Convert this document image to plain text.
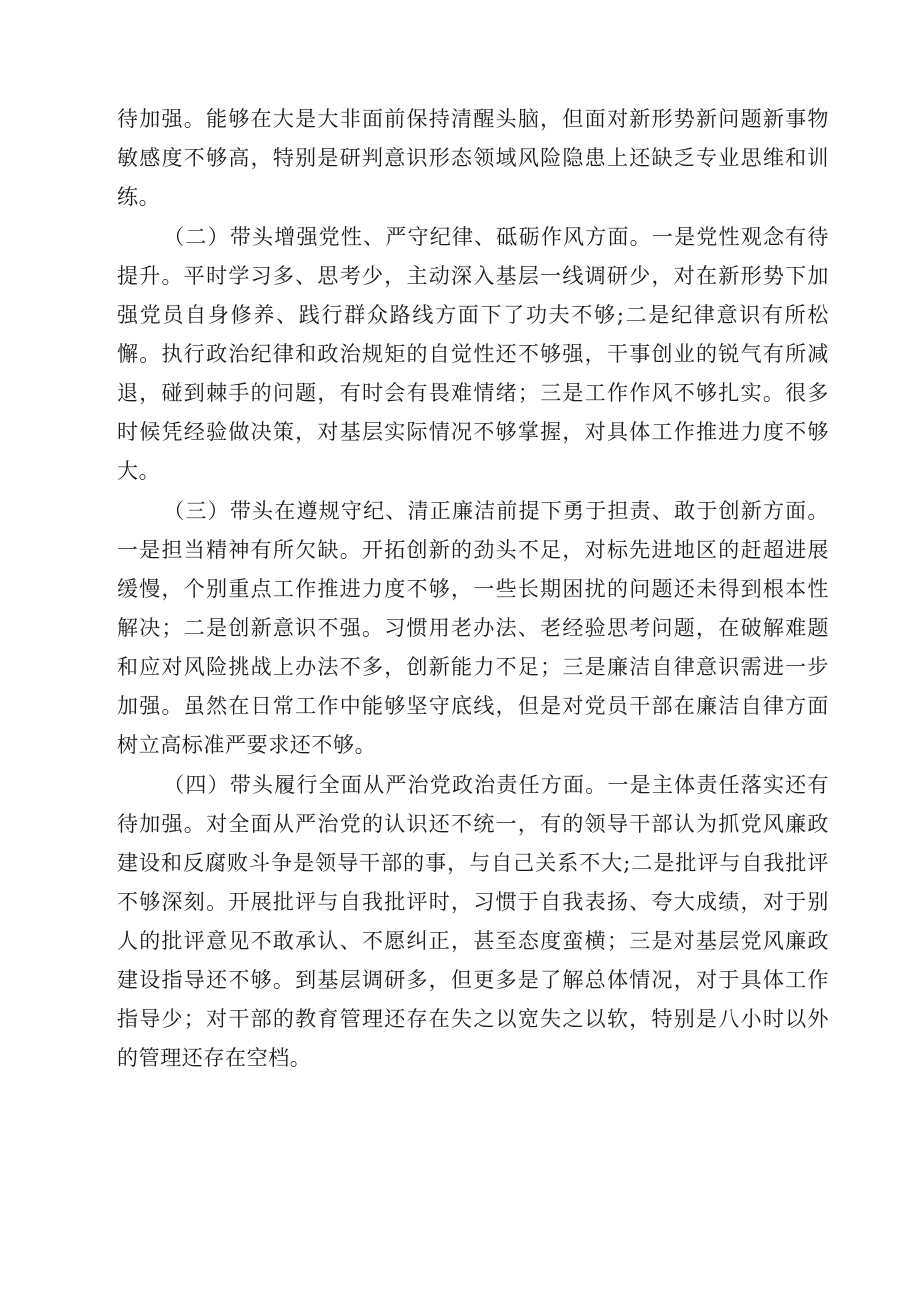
待加强。能够在大是大非面前保持清醒头脑，但面对新形势新问题新事物敏感度不够高，特别是研判意识形态领域风险隐患上还缺乏专业思维和训练。

（二）带头增强党性、严守纪律、砥砺作风方面。一是党性观念有待提升。平时学习多、思考少，主动深入基层一线调研少，对在新形势下加强党员自身修养、践行群众路线方面下了功夫不够;二是纪律意识有所松懈。执行政治纪律和政治规矩的自觉性还不够强，干事创业的锐气有所减退，碰到棘手的问题，有时会有畏难情绪；三是工作作风不够扎实。很多时候凭经验做决策，对基层实际情况不够掌握，对具体工作推进力度不够大。

（三）带头在遵规守纪、清正廉洁前提下勇于担责、敢于创新方面。一是担当精神有所欠缺。开拓创新的劲头不足，对标先进地区的赶超进展缓慢，个别重点工作推进力度不够，一些长期困扰的问题还未得到根本性解决；二是创新意识不强。习惯用老办法、老经验思考问题，在破解难题和应对风险挑战上办法不多，创新能力不足；三是廉洁自律意识需进一步加强。虽然在日常工作中能够坚守底线，但是对党员干部在廉洁自律方面树立高标准严要求还不够。

（四）带头履行全面从严治党政治责任方面。一是主体责任落实还有待加强。对全面从严治党的认识还不统一，有的领导干部认为抓党风廉政建设和反腐败斗争是领导干部的事，与自己关系不大;二是批评与自我批评不够深刻。开展批评与自我批评时，习惯于自我表扬、夸大成绩，对于别人的批评意见不敢承认、不愿纠正，甚至态度蛮横；三是对基层党风廉政建设指导还不够。到基层调研多，但更多是了解总体情况，对于具体工作指导少；对干部的教育管理还存在失之以宽失之以软，特别是八小时以外的管理还存在空档。
